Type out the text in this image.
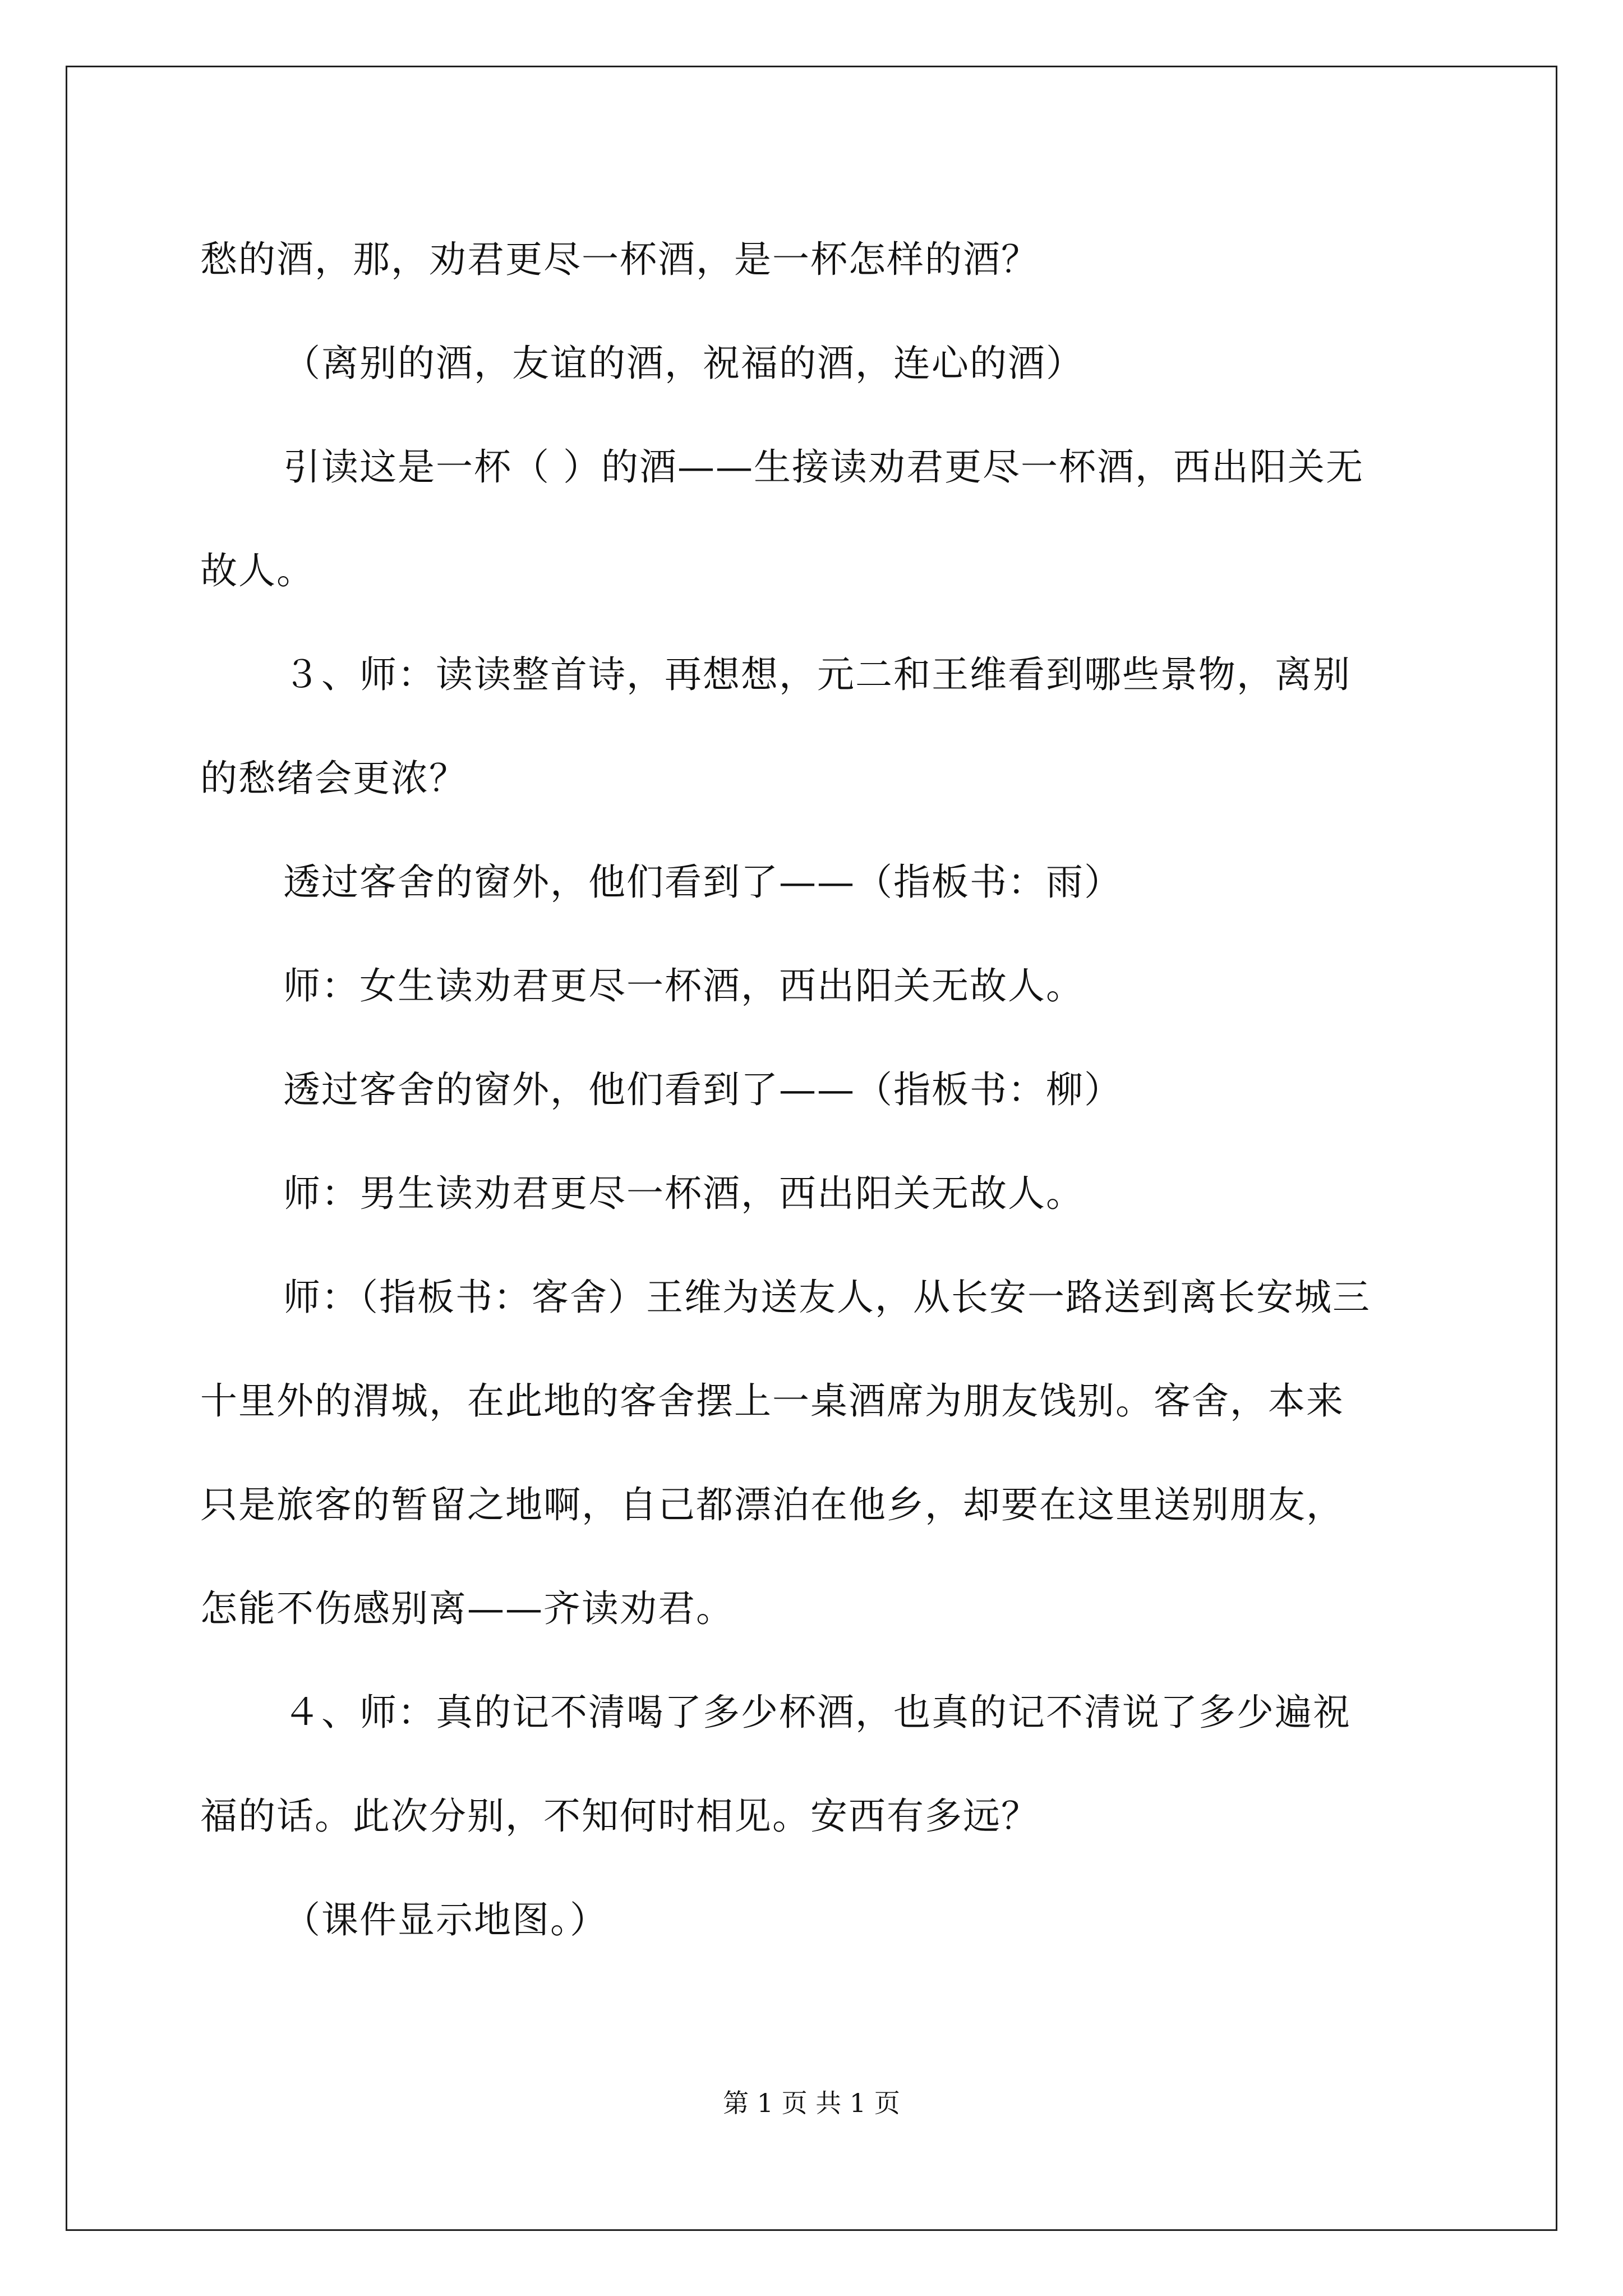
愁的酒，那，劝君更尽一杯酒，是一杯怎样的酒？

（离别的酒，友谊的酒，祝福的酒，连心的酒）

引读这是一杯（ ）的酒——生接读劝君更尽一杯酒，西出阳关无

故人。

３、师：读读整首诗，再想想，元二和王维看到哪些景物，离别

的愁绪会更浓？

透过客舍的窗外，他们看到了——（指板书：雨）

师：女生读劝君更尽一杯酒，西出阳关无故人。

透过客舍的窗外，他们看到了——（指板书：柳）

师：男生读劝君更尽一杯酒，西出阳关无故人。

师：（指板书：客舍）王维为送友人，从长安一路送到离长安城三

十里外的渭城，在此地的客舍摆上一桌酒席为朋友饯别。客舍，本来

只是旅客的暂留之地啊，自己都漂泊在他乡，却要在这里送别朋友，

怎能不伤感别离——齐读劝君。

４、师：真的记不清喝了多少杯酒，也真的记不清说了多少遍祝

福的话。此次分别，不知何时相见。安西有多远？

（课件显示地图。）

第 1 页 共 1 页
